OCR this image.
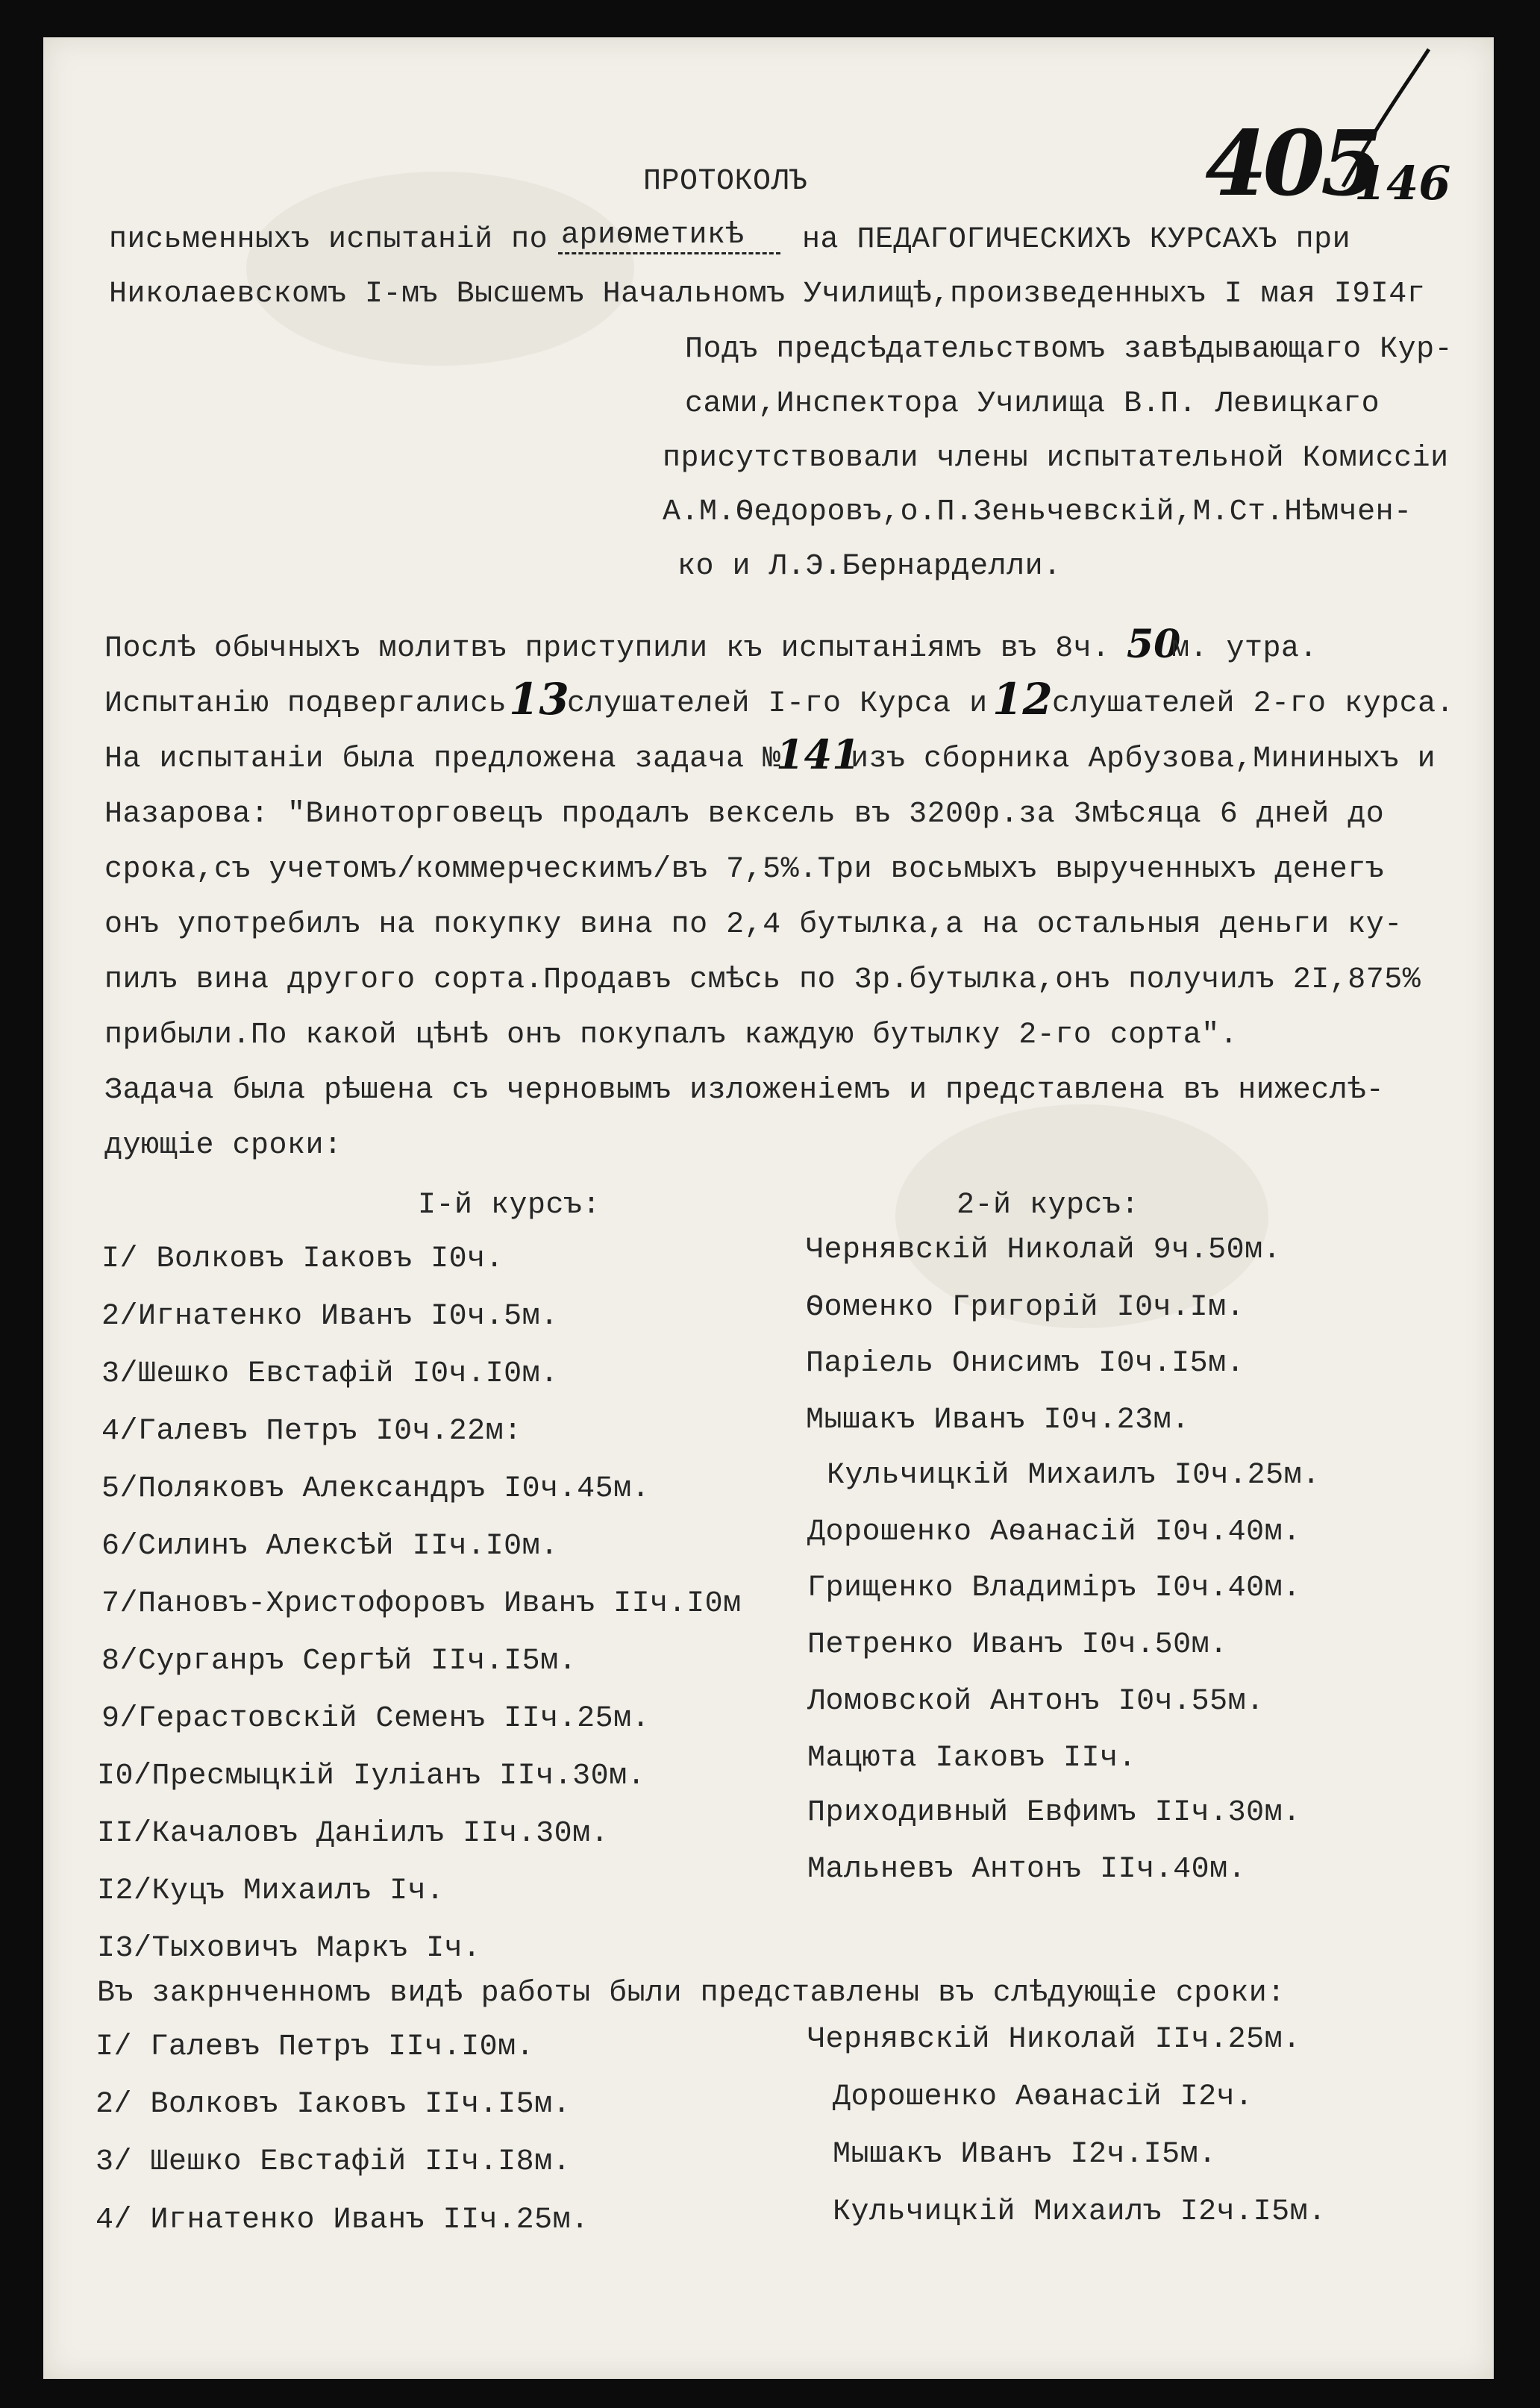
405
146
ПРОТОКОЛЪ
письменныхъ испытаній по ариѳметикѣ на ПЕДАГОГИЧЕСКИХЪ КУРСАХЪ при
Николаевскомъ I-мъ Высшемъ Начальномъ Училищѣ,произведенныхъ I мая I9I4г
Подъ предсѣдательствомъ завѣдывающаго Кур-
сами,Инспектора Училища В.П. Левицкаго
присутствовали члены испытательной Комиссіи
А.М.Ѳедоровъ,о.П.Зеньчевскій,М.Ст.Нѣмчен-
ко и Л.Э.Бернарделли.
Послѣ обычныхъ молитвъ приступили къ испытаніямъ въ 8ч. 50
м. утра.
Испытанію подвергались 13
слушателей I-го Курса и 12 слушателей 2-го курса.
На испытаніи была предложена задача №
141
изъ сборника Арбузова,Мининыхъ и
Назарова: "Виноторговецъ продалъ вексель въ 3200р.за 3мѣсяца 6 дней до
срока,съ учетомъ/коммерческимъ/въ 7,5%.Три восьмыхъ вырученныхъ денегъ
онъ употребилъ на покупку вина по 2,4 бутылка,а на остальныя деньги ку-
пилъ вина другого сорта.Продавъ смѣсь по 3р.бутылка,онъ получилъ 2I,875%
прибыли.По какой цѣнѣ онъ покупалъ каждую бутылку 2-го сорта".
Задача была рѣшена съ черновымъ изложеніемъ и представлена въ нижеслѣ-
дующіе сроки:
I-й курсъ:	2-й курсъ:
I/ Волковъ Іаковъ I0ч.
2/Игнатенко Иванъ I0ч.5м.
3/Шешко Евстафій I0ч.I0м.
4/Галевъ Петръ I0ч.22м:
5/Поляковъ Александръ I0ч.45м.
6/Силинъ Алексѣй IIч.I0м.
7/Пановъ-Христофоровъ Иванъ IIч.I0м
8/Сурганръ Сергѣй IIч.I5м.
9/Герастовскій Семенъ IIч.25м.
I0/Пресмыцкій Іуліанъ IIч.30м.
II/Качаловъ Даніилъ IIч.30м.
I2/Куцъ Михаилъ Iч.
I3/Тыховичъ Маркъ Iч.
Чернявскій Николай 9ч.50м.
Ѳоменко Григорій I0ч.Iм.
Паріель Онисимъ I0ч.I5м.
Мышакъ Иванъ I0ч.23м.
Кульчицкій Михаилъ I0ч.25м.
Дорошенко Аѳанасій I0ч.40м.
Грищенко Владиміръ I0ч.40м.
Петренко Иванъ I0ч.50м.
Ломовской Антонъ I0ч.55м.
Мацюта Іаковъ IIч.
Приходивный Евфимъ IIч.30м.
Мальневъ Антонъ IIч.40м.
Въ закрнченномъ видѣ работы были представлены въ слѣдующіе сроки:
I/ Галевъ Петръ IIч.I0м.
2/ Волковъ Іаковъ IIч.I5м.
3/ Шешко Евстафій IIч.I8м.
4/ Игнатенко Иванъ IIч.25м.
Чернявскій Николай IIч.25м.
Дорошенко Аѳанасій I2ч.
Мышакъ Иванъ I2ч.I5м.
Кульчицкій Михаилъ I2ч.I5м.
